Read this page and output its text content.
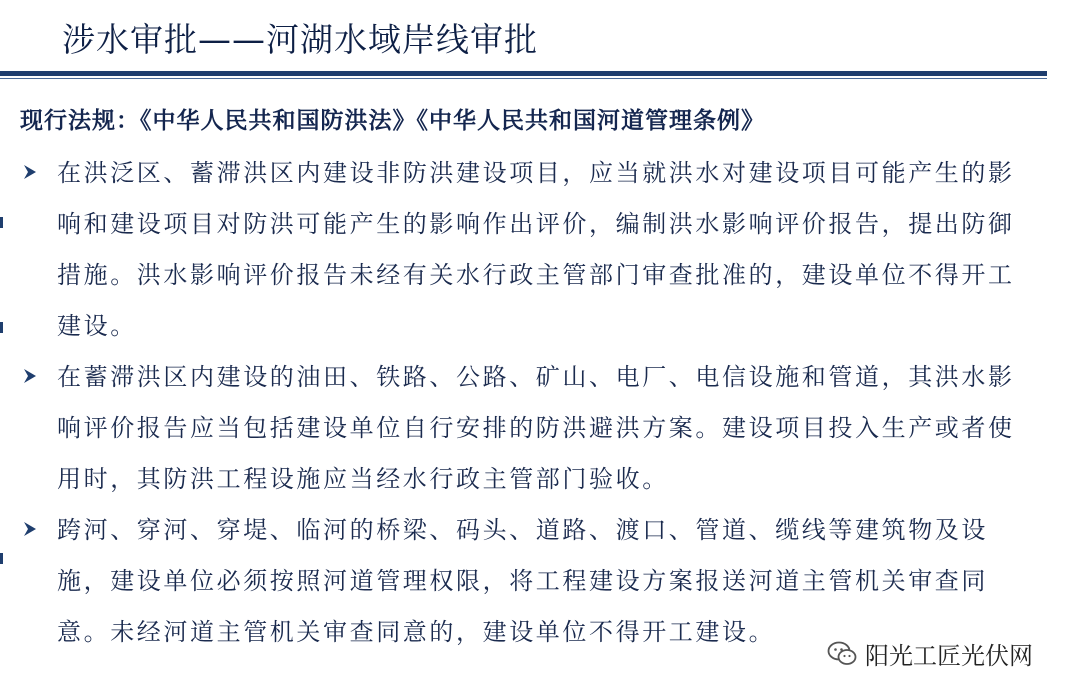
涉水审批——河湖水域岸线审批
现行法规：《中华人民共和国防洪法》《中华人民共和国河道管理条例》
在洪泛区、蓄滞洪区内建设非防洪建设项目，应当就洪水对建设项目可能产生的影响和建设项目对防洪可能产生的影响作出评价，编制洪水影响评价报告，提出防御措施。洪水影响评价报告未经有关水行政主管部门审查批准的，建设单位不得开工建设。
在蓄滞洪区内建设的油田、铁路、公路、矿山、电厂、电信设施和管道，其洪水影响评价报告应当包括建设单位自行安排的防洪避洪方案。建设项目投入生产或者使用时，其防洪工程设施应当经水行政主管部门验收。
跨河、穿河、穿堤、临河的桥梁、码头、道路、渡口、管道、缆线等建筑物及设施，建设单位必须按照河道管理权限，将工程建设方案报送河道主管机关审查同意。未经河道主管机关审查同意的，建设单位不得开工建设。
阳光工匠光伏网
